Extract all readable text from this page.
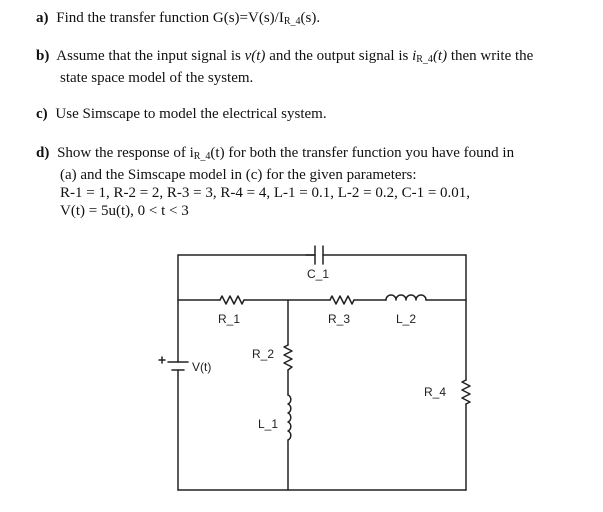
a) Find the transfer function $G(s)=V(s)/I_{R\_4}(s)$.
b) Assume that the input signal is v(t) and the output signal is $i_{R\_4}(t)$ then write the
state space model of the system.
c) Use Simscape to model the electrical system.
d) Show the response of $i_{R\_4}(t)$ for both the transfer function you have found in
(a) and the Simscape model in (c) for the given parameters:
R-1 = 1, R-2 = 2, R-3 = 3, R-4 = 4, L-1 = 0.1, L-2 = 0.2, C-1 = 0.01,
V(t) = 5u(t), 0 < t < 3
C_1
R_1	R_3	L_2
R_2
V(t)
L_1
R_4
